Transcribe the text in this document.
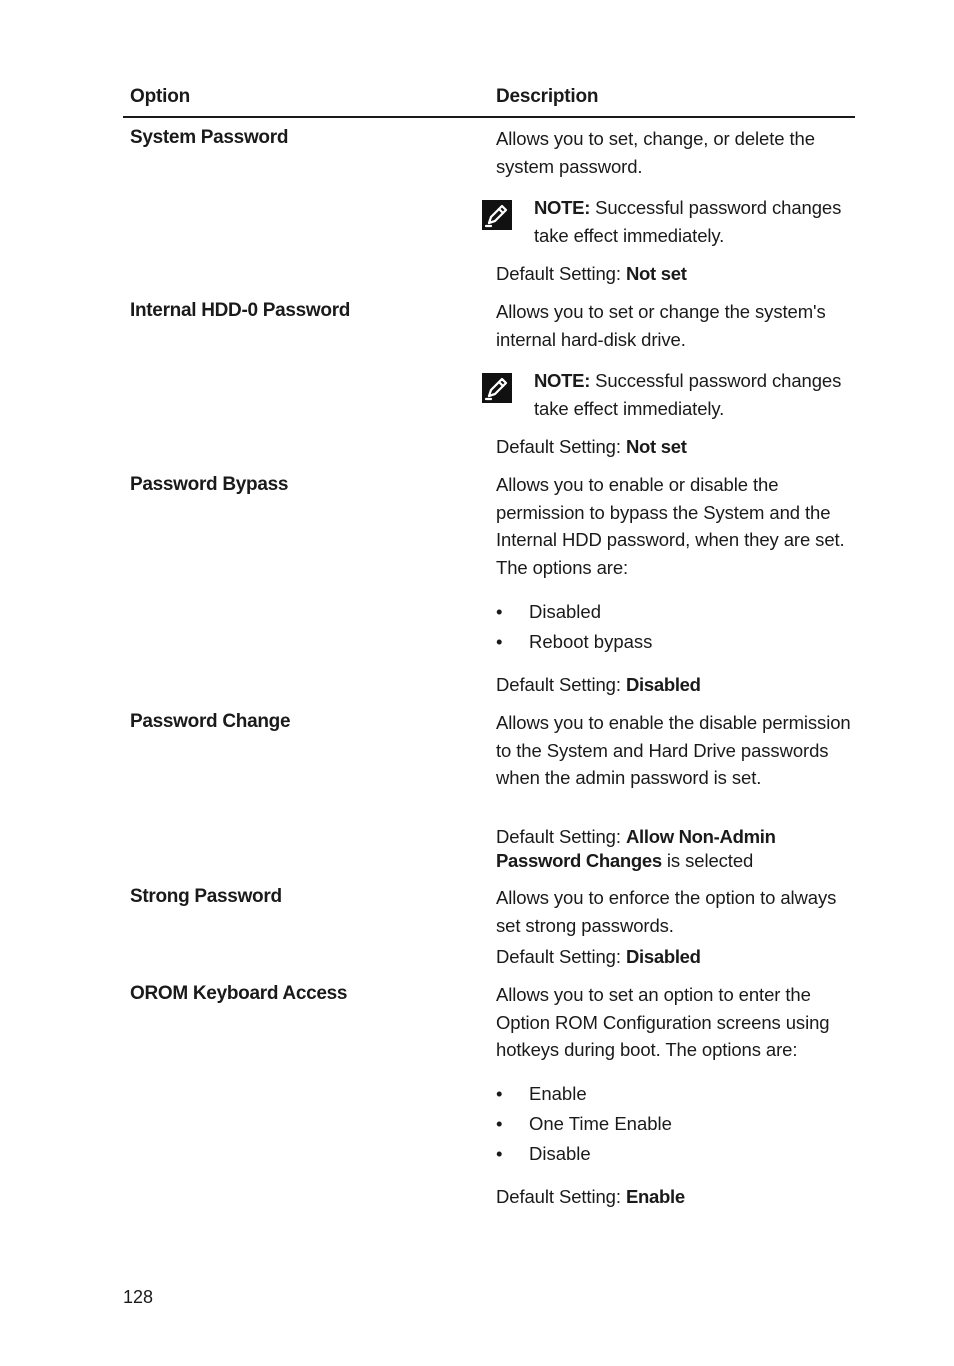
Option	Description
System Password	Allows you to set, change, or delete the system password.
NOTE: Successful password changes take effect immediately.
Default Setting: Not set
Internal HDD-0 Password	Allows you to set or change the system's internal hard-disk drive.
NOTE: Successful password changes take effect immediately.
Default Setting: Not set
Password Bypass	Allows you to enable or disable the permission to bypass the System and the Internal HDD password, when they are set. The options are:
• Disabled
• Reboot bypass
Default Setting: Disabled
Password Change	Allows you to enable the disable permission to the System and Hard Drive passwords when the admin password is set.
Default Setting: Allow Non-Admin Password Changes is selected
Strong Password	Allows you to enforce the option to always set strong passwords.
Default Setting: Disabled
OROM Keyboard Access	Allows you to set an option to enter the Option ROM Configuration screens using hotkeys during boot. The options are:
• Enable
• One Time Enable
• Disable
Default Setting: Enable
128
